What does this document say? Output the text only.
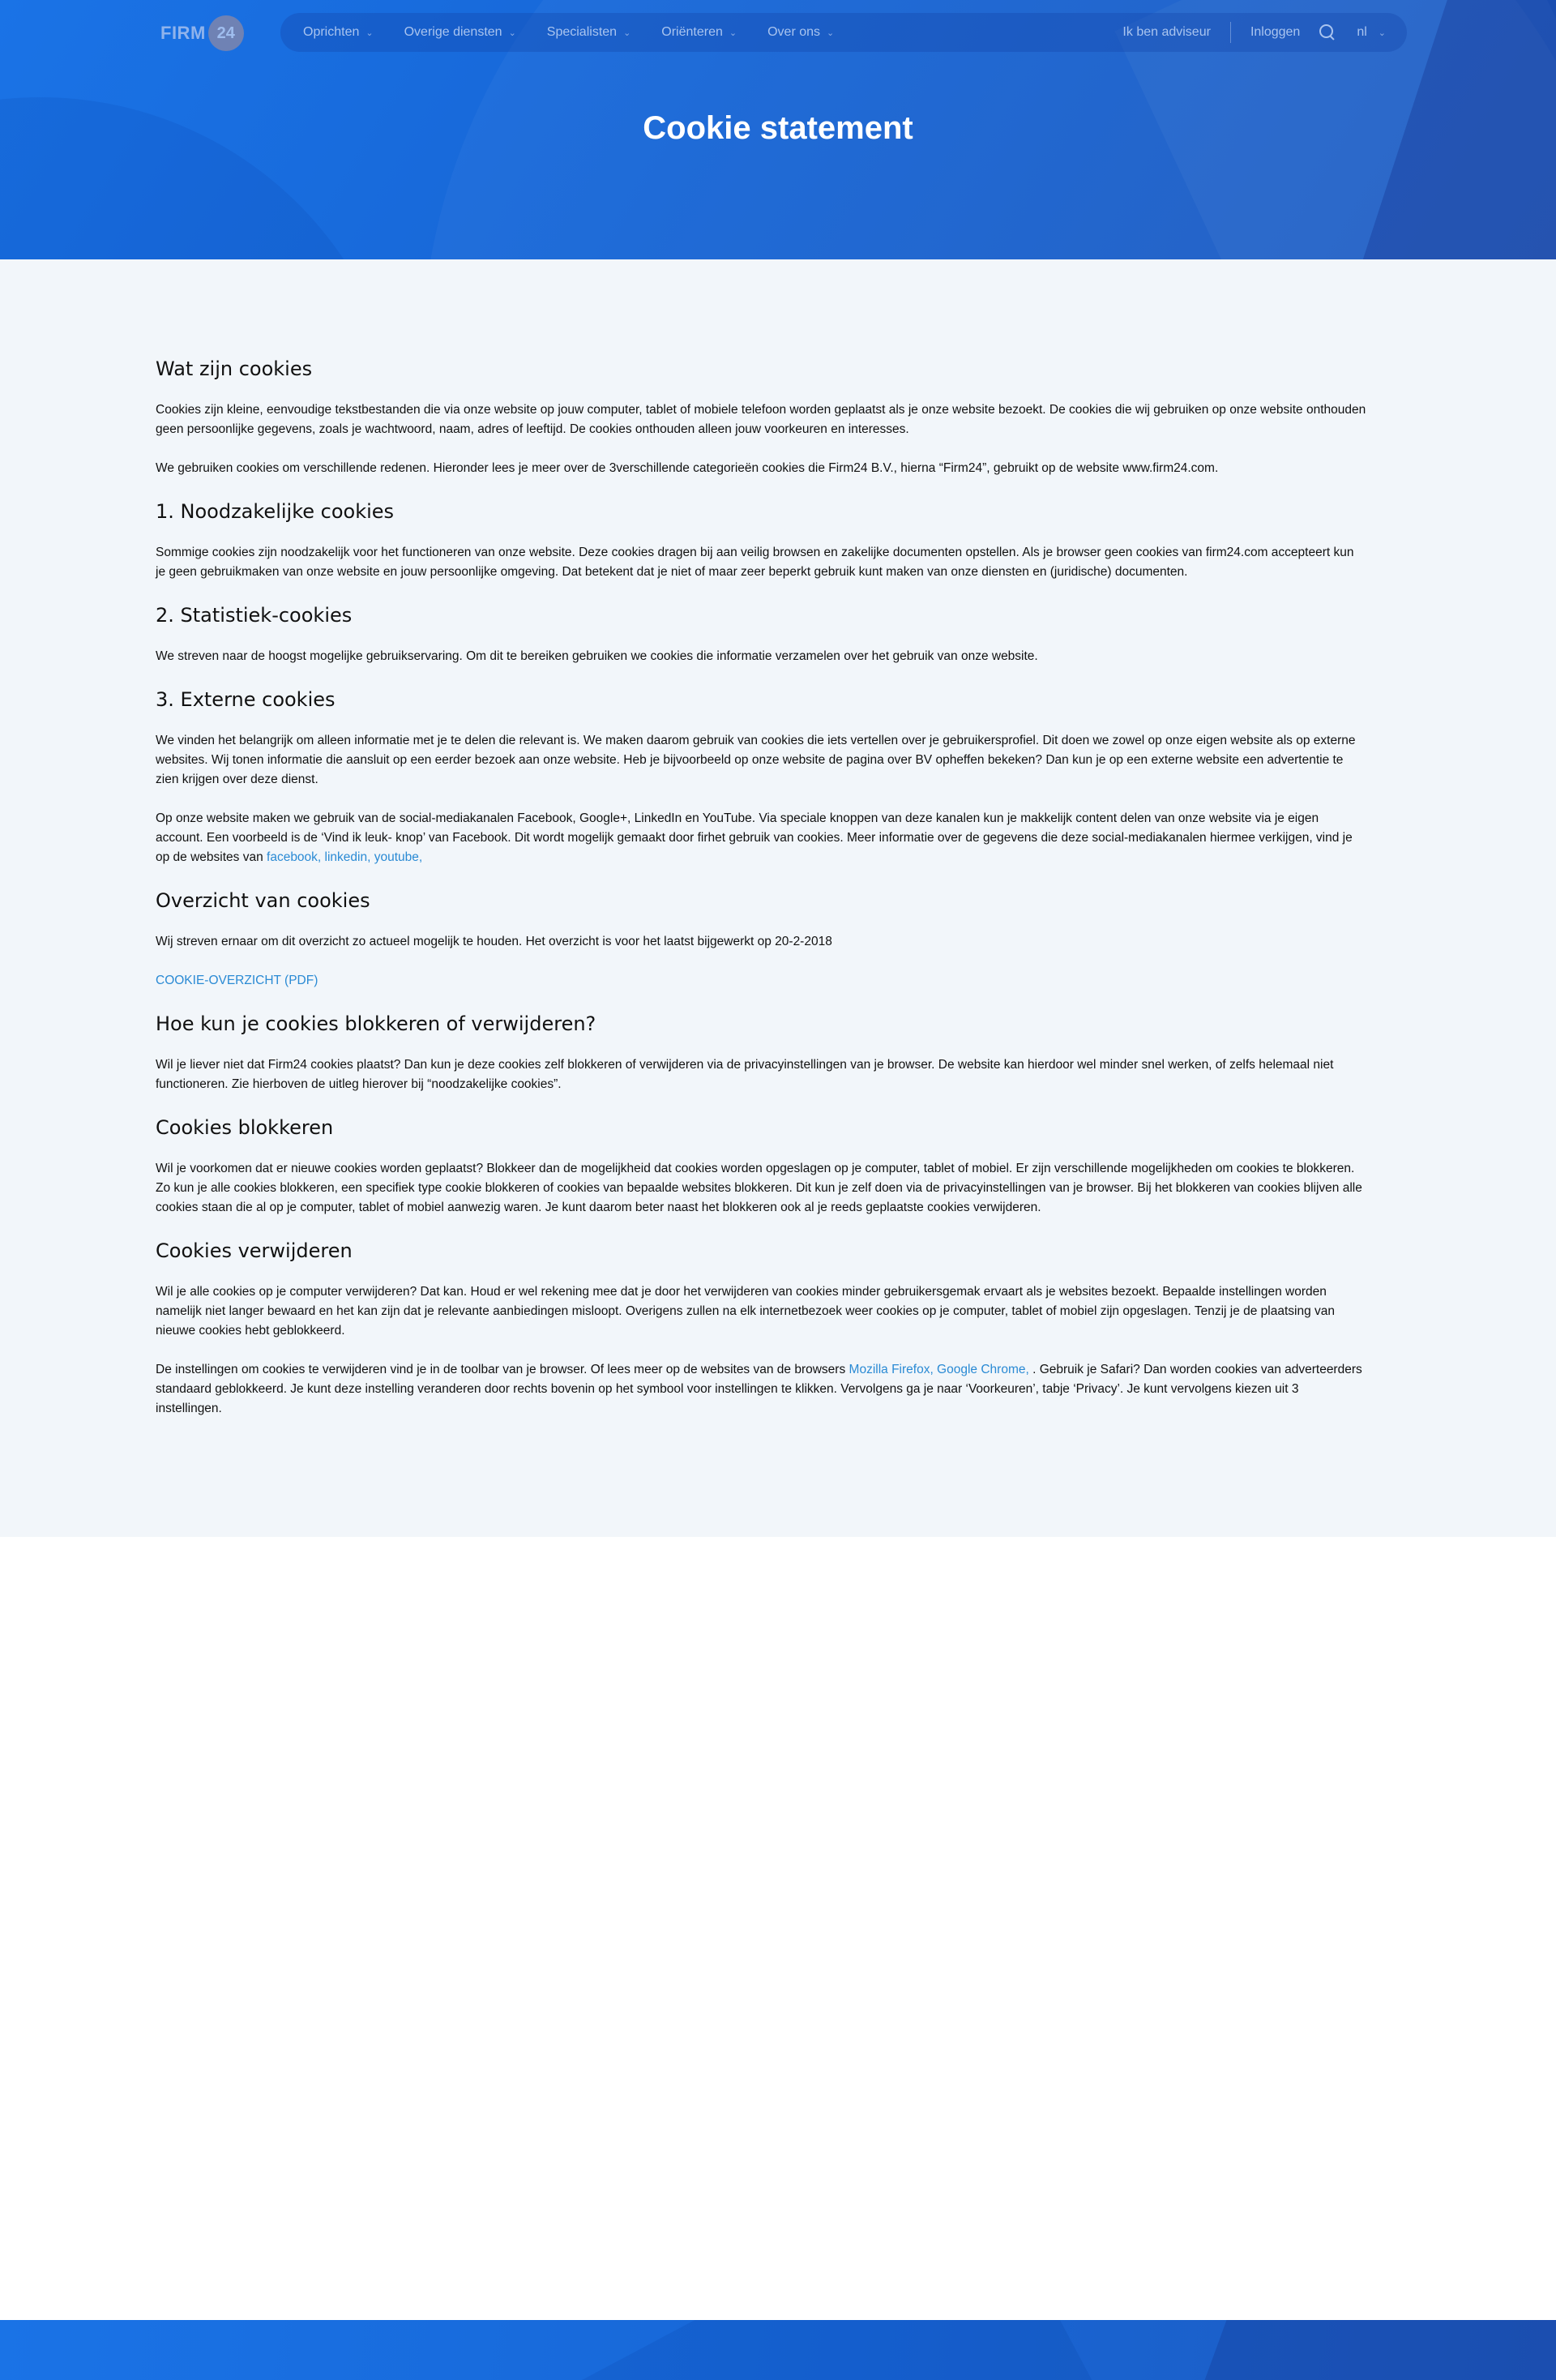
FIRM 24	Oprichten ⌄ Overige diensten ⌄ Specialisten ⌄ Oriënteren ⌄ Over ons ⌄	Ik ben adviseur	Inloggen	nl ⌄
Cookie statement
Wat zijn cookies

Cookies zijn kleine, eenvoudige tekstbestanden die via onze website op jouw computer, tablet of mobiele telefoon worden geplaatst als je onze website bezoekt. De cookies die wij gebruiken op onze website onthouden geen persoonlijke gegevens, zoals je wachtwoord, naam, adres of leeftijd. De cookies onthouden alleen jouw voorkeuren en interesses.

We gebruiken cookies om verschillende redenen. Hieronder lees je meer over de 3verschillende categorieën cookies die Firm24 B.V., hierna “Firm24”, gebruikt op de website www.firm24.com.

1. Noodzakelijke cookies

Sommige cookies zijn noodzakelijk voor het functioneren van onze website. Deze cookies dragen bij aan veilig browsen en zakelijke documenten opstellen. Als je browser geen cookies van firm24.com accepteert kun je geen gebruikmaken van onze website en jouw persoonlijke omgeving. Dat betekent dat je niet of maar zeer beperkt gebruik kunt maken van onze diensten en (juridische) documenten.

2. Statistiek-cookies

We streven naar de hoogst mogelijke gebruikservaring. Om dit te bereiken gebruiken we cookies die informatie verzamelen over het gebruik van onze website.

3. Externe cookies

We vinden het belangrijk om alleen informatie met je te delen die relevant is. We maken daarom gebruik van cookies die iets vertellen over je gebruikersprofiel. Dit doen we zowel op onze eigen website als op externe websites. Wij tonen informatie die aansluit op een eerder bezoek aan onze website. Heb je bijvoorbeeld op onze website de pagina over BV opheffen bekeken? Dan kun je op een externe website een advertentie te zien krijgen over deze dienst.

Op onze website maken we gebruik van de social-mediakanalen Facebook, Google+, LinkedIn en YouTube. Via speciale knoppen van deze kanalen kun je makkelijk content delen van onze website via je eigen account. Een voorbeeld is de ‘Vind ik leuk- knop’ van Facebook. Dit wordt mogelijk gemaakt door firhet gebruik van cookies. Meer informatie over de gegevens die deze social-mediakanalen hiermee verkijgen, vind je op de websites van facebook, linkedin, youtube,

Overzicht van cookies

Wij streven ernaar om dit overzicht zo actueel mogelijk te houden. Het overzicht is voor het laatst bijgewerkt op 20-2-2018

COOKIE-OVERZICHT (PDF)

Hoe kun je cookies blokkeren of verwijderen?

Wil je liever niet dat Firm24 cookies plaatst? Dan kun je deze cookies zelf blokkeren of verwijderen via de privacyinstellingen van je browser. De website kan hierdoor wel minder snel werken, of zelfs helemaal niet functioneren. Zie hierboven de uitleg hierover bij “noodzakelijke cookies”.

Cookies blokkeren

Wil je voorkomen dat er nieuwe cookies worden geplaatst? Blokkeer dan de mogelijkheid dat cookies worden opgeslagen op je computer, tablet of mobiel. Er zijn verschillende mogelijkheden om cookies te blokkeren. Zo kun je alle cookies blokkeren, een specifiek type cookie blokkeren of cookies van bepaalde websites blokkeren. Dit kun je zelf doen via de privacyinstellingen van je browser. Bij het blokkeren van cookies blijven alle cookies staan die al op je computer, tablet of mobiel aanwezig waren. Je kunt daarom beter naast het blokkeren ook al je reeds geplaatste cookies verwijderen.

Cookies verwijderen

Wil je alle cookies op je computer verwijderen? Dat kan. Houd er wel rekening mee dat je door het verwijderen van cookies minder gebruikersgemak ervaart als je websites bezoekt. Bepaalde instellingen worden namelijk niet langer bewaard en het kan zijn dat je relevante aanbiedingen misloopt. Overigens zullen na elk internetbezoek weer cookies op je computer, tablet of mobiel zijn opgeslagen. Tenzij je de plaatsing van nieuwe cookies hebt geblokkeerd.

De instellingen om cookies te verwijderen vind je in de toolbar van je browser. Of lees meer op de websites van de browsers Mozilla Firefox, Google Chrome, . Gebruik je Safari? Dan worden cookies van adverteerders standaard geblokkeerd. Je kunt deze instelling veranderen door rechts bovenin op het symbool voor instellingen te klikken. Vervolgens ga je naar ‘Voorkeuren’, tabje ‘Privacy’. Je kunt vervolgens kiezen uit 3 instellingen.
